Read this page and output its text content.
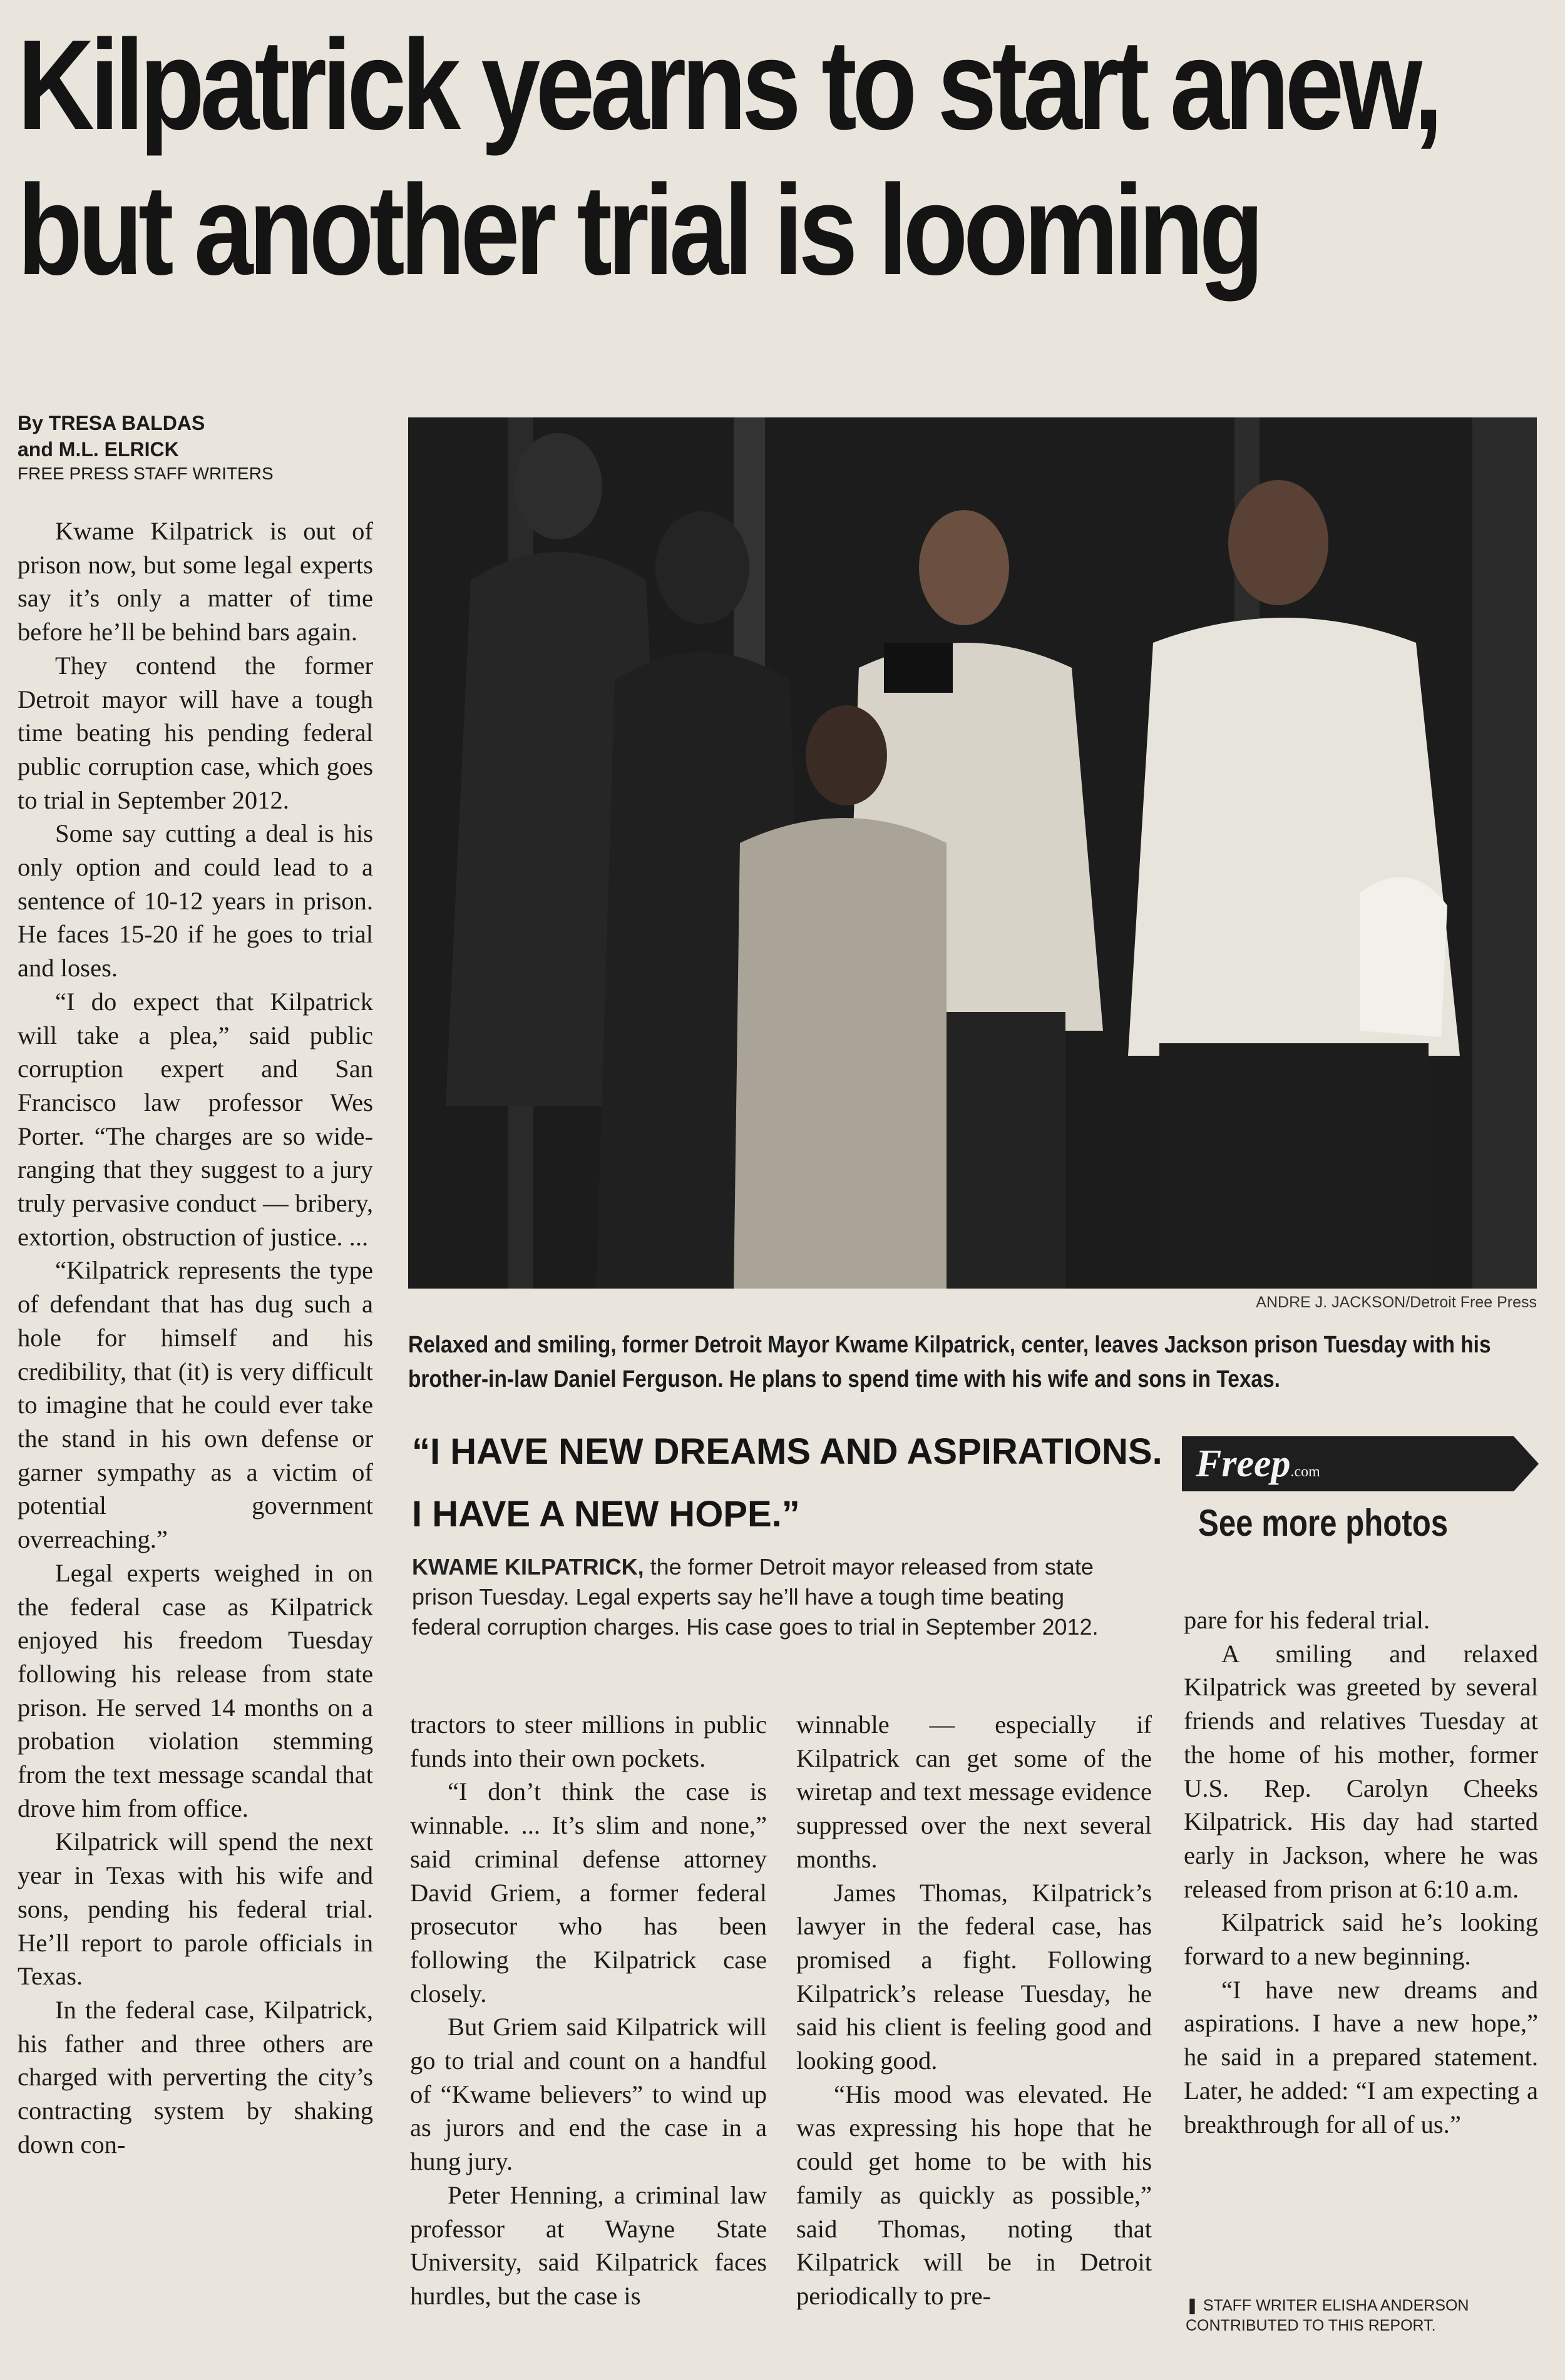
Kilpatrick yearns to start anew,
but another trial is looming
By TRESA BALDAS
and M.L. ELRICK
FREE PRESS STAFF WRITERS

Kwame Kilpatrick is out of prison now, but some legal experts say it’s only a matter of time before he’ll be behind bars again.

They contend the former Detroit mayor will have a tough time beating his pending federal public corruption case, which goes to trial in September 2012.

Some say cutting a deal is his only option and could lead to a sentence of 10-12 years in prison. He faces 15-20 if he goes to trial and loses.

“I do expect that Kilpatrick will take a plea,” said public corruption expert and San Francisco law professor Wes Porter. “The charges are so wide-ranging that they suggest to a jury truly pervasive conduct — bribery, extortion, obstruction of justice. ...

“Kilpatrick represents the type of defendant that has dug such a hole for himself and his credibility, that (it) is very difficult to imagine that he could ever take the stand in his own defense or garner sympathy as a victim of potential government overreaching.”

Legal experts weighed in on the federal case as Kilpatrick enjoyed his freedom Tuesday following his release from state prison. He served 14 months on a probation violation stemming from the text message scandal that drove him from office.

Kilpatrick will spend the next year in Texas with his wife and sons, pending his federal trial. He’ll report to parole officials in Texas.

In the federal case, Kilpatrick, his father and three others are charged with perverting the city’s contracting system by shaking down con-

ANDRE J. JACKSON/Detroit Free Press
Relaxed and smiling, former Detroit Mayor Kwame Kilpatrick, center, leaves Jackson prison Tuesday with his brother-in-law Daniel Ferguson. He plans to spend time with his wife and sons in Texas.
“I HAVE NEW DREAMS AND ASPIRATIONS.
I HAVE A NEW HOPE.”
KWAME KILPATRICK, the former Detroit mayor released from state prison Tuesday. Legal experts say he’ll have a tough time beating federal corruption charges. His case goes to trial in September 2012.
Freep.com
See more photos

tractors to steer millions in public funds into their own pockets.

“I don’t think the case is winnable. ... It’s slim and none,” said criminal defense attorney David Griem, a former federal prosecutor who has been following the Kilpatrick case closely.

But Griem said Kilpatrick will go to trial and count on a handful of “Kwame believers” to wind up as jurors and end the case in a hung jury.

Peter Henning, a criminal law professor at Wayne State University, said Kilpatrick faces hurdles, but the case is

winnable — especially if Kilpatrick can get some of the wiretap and text message evidence suppressed over the next several months.

James Thomas, Kilpatrick’s lawyer in the federal case, has promised a fight. Following Kilpatrick’s release Tuesday, he said his client is feeling good and looking good.

“His mood was elevated. He was expressing his hope that he could get home to be with his family as quickly as possible,” said Thomas, noting that Kilpatrick will be in Detroit periodically to pre-

pare for his federal trial.

A smiling and relaxed Kilpatrick was greeted by several friends and relatives Tuesday at the home of his mother, former U.S. Rep. Carolyn Cheeks Kilpatrick. His day had started early in Jackson, where he was released from prison at 6:10 a.m.

Kilpatrick said he’s looking forward to a new beginning.

“I have new dreams and aspirations. I have a new hope,” he said in a prepared statement. Later, he added: “I am expecting a breakthrough for all of us.”

❚ STAFF WRITER ELISHA ANDERSON CONTRIBUTED TO THIS REPORT.
